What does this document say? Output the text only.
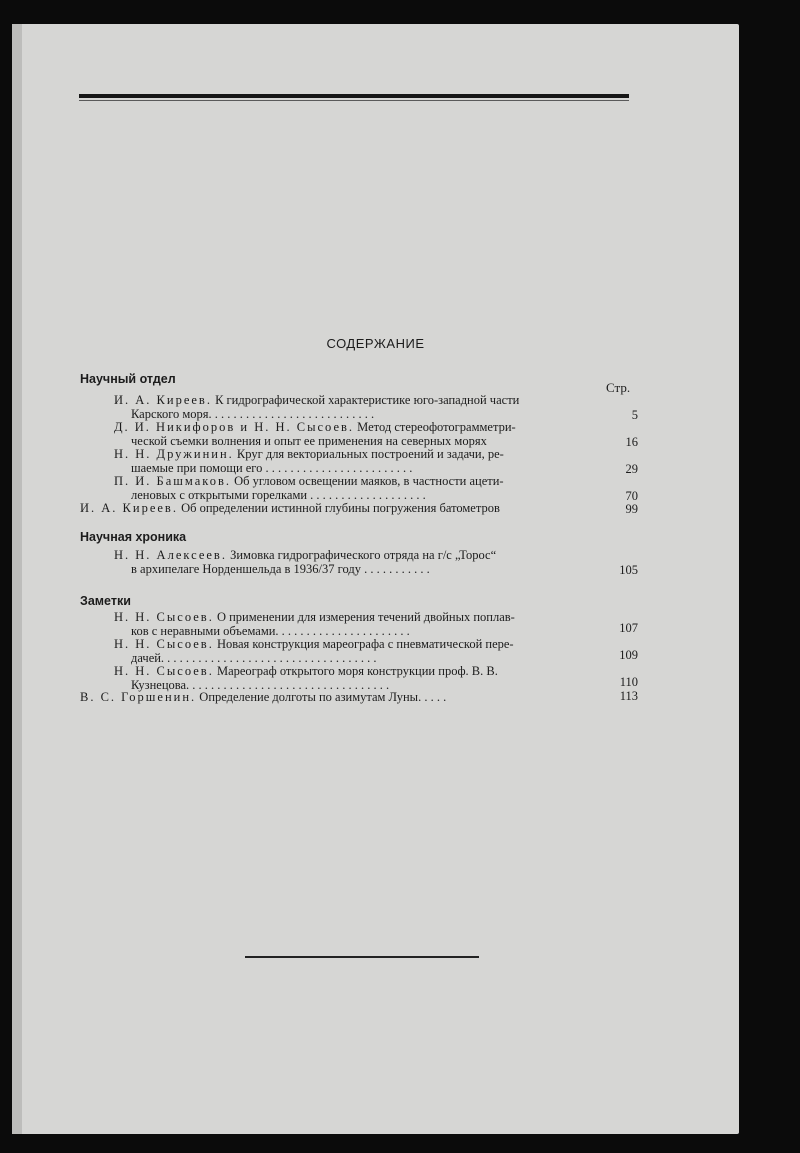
СОДЕРЖАНИЕ
Научный отдел
Стр.
И. А. Киреев. К гидрографической характеристике юго-западной части
Карского моря. . . . . . . . . . . . . . . . . . . . . . . . . . .	5
Д. И. Никифоров и Н. Н. Сысоев. Метод стереофотограмметри-
ческой съемки волнения и опыт ее применения на северных морях	16
Н. Н. Дружинин. Круг для векториальных построений и задачи, ре-
шаемые при помощи его . . . . . . . . . . . . . . . . . . . . . . . .	29
П. И. Башмаков. Об угловом освещении маяков, в частности ацети-
леновых с открытыми горелками . . . . . . . . . . . . . . . . . . .	70
И. А. Киреев. Об определении истинной глубины погружения батометров	99
Научная хроника
Н. Н. Алексеев. Зимовка гидрографического отряда на г/с „Торос“
в архипелаге Норденшельда в 1936/37 году . . . . . . . . . . .	105
Заметки
Н. Н. Сысоев. О применении для измерения течений двойных поплав-
ков с неравными объемами. . . . . . . . . . . . . . . . . . . . . .	107
Н. Н. Сысоев. Новая конструкция мареографа с пневматической пере-
дачей. . . . . . . . . . . . . . . . . . . . . . . . . . . . . . . . . . .	109
Н. Н. Сысоев. Мареограф открытого моря конструкции проф. В. В.
Кузнецова. . . . . . . . . . . . . . . . . . . . . . . . . . . . . . . . .	110
В. С. Горшенин. Определение долготы по азимутам Луны. . . . .	113
